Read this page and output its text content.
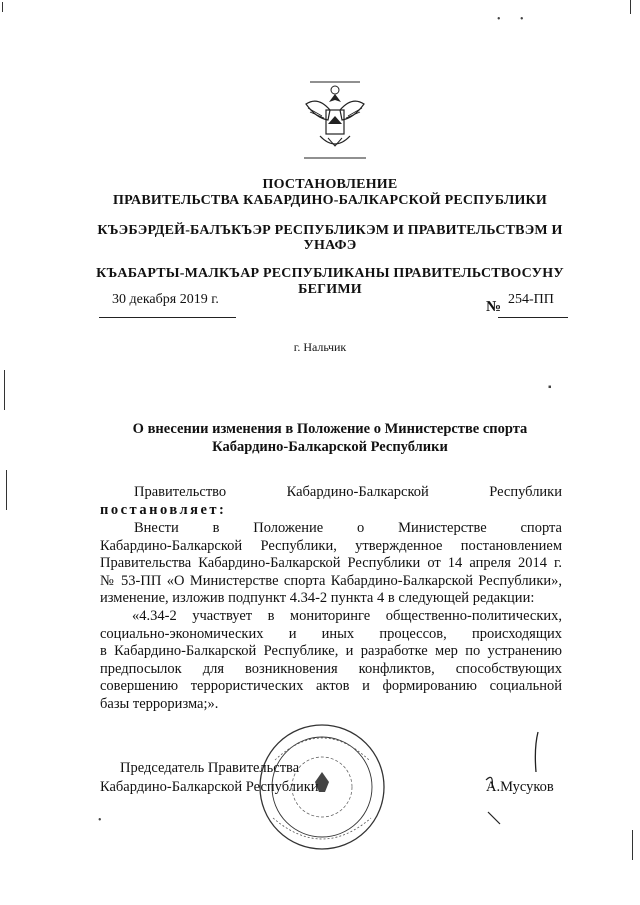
ПОСТАНОВЛЕНИЕ
ПРАВИТЕЛЬСТВА КАБАРДИНО-БАЛКАРСКОЙ РЕСПУБЛИКИ
КЪЭБЭРДЕЙ-БАЛЪКЪЭР РЕСПУБЛИКЭМ И ПРАВИТЕЛЬСТВЭМ И
УНАФЭ
КЪАБАРТЫ-МАЛКЪАР РЕСПУБЛИКАНЫ ПРАВИТЕЛЬСТВОСУНУ
БЕГИМИ
30 декабря 2019 г.	№ 254-ПП
г. Нальчик
О внесении изменения в Положение о Министерстве спорта
Кабардино-Балкарской Республики
Правительство	Кабардино-Балкарской	Республики
постановляет:
Внести в Положение о Министерстве спорта
Кабардино-Балкарской Республики, утвержденное постановлением
Правительства Кабардино-Балкарской Республики от 14 апреля 2014 г.
№ 53-ПП «О Министерстве спорта Кабардино-Балкарской Республики»,
изменение, изложив подпункт 4.34-2 пункта 4 в следующей редакции:
«4.34-2 участвует в мониторинге общественно-политических,
социально-экономических и иных процессов, происходящих
в Кабардино-Балкарской Республике, и разработке мер по устранению
предпосылок для возникновения конфликтов, способствующих
совершению террористических актов и формированию социальной
базы терроризма;».
Председатель Правительства
Кабардино-Балкарской Республики	А.Мусуков
• •
▪
•
